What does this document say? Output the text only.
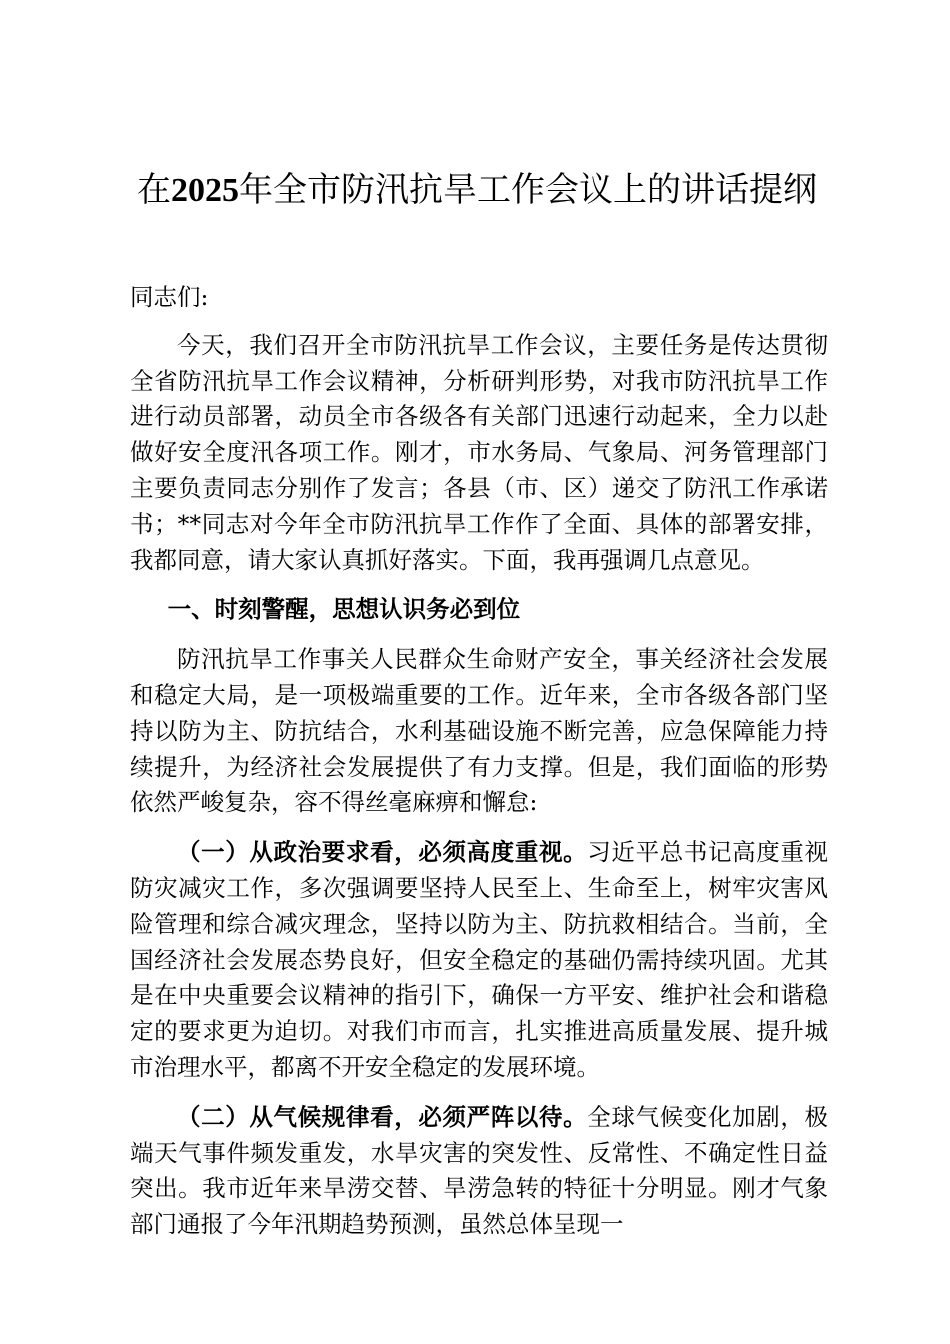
在2025年全市防汛抗旱工作会议上的讲话提纲

同志们:

今天，我们召开全市防汛抗旱工作会议，主要任务是传达贯彻全省防汛抗旱工作会议精神，分析研判形势，对我市防汛抗旱工作进行动员部署，动员全市各级各有关部门迅速行动起来，全力以赴做好安全度汛各项工作。刚才，市水务局、气象局、河务管理部门主要负责同志分别作了发言；各县（市、区）递交了防汛工作承诺书；**同志对今年全市防汛抗旱工作作了全面、具体的部署安排，我都同意，请大家认真抓好落实。下面，我再强调几点意见。

一、时刻警醒，思想认识务必到位

防汛抗旱工作事关人民群众生命财产安全，事关经济社会发展和稳定大局，是一项极端重要的工作。近年来，全市各级各部门坚持以防为主、防抗结合，水利基础设施不断完善，应急保障能力持续提升，为经济社会发展提供了有力支撑。但是，我们面临的形势依然严峻复杂，容不得丝毫麻痹和懈怠:

（一）从政治要求看，必须高度重视。习近平总书记高度重视防灾减灾工作，多次强调要坚持人民至上、生命至上，树牢灾害风险管理和综合减灾理念，坚持以防为主、防抗救相结合。当前，全国经济社会发展态势良好，但安全稳定的基础仍需持续巩固。尤其是在中央重要会议精神的指引下，确保一方平安、维护社会和谐稳定的要求更为迫切。对我们市而言，扎实推进高质量发展、提升城市治理水平，都离不开安全稳定的发展环境。

（二）从气候规律看，必须严阵以待。全球气候变化加剧，极端天气事件频发重发，水旱灾害的突发性、反常性、不确定性日益突出。我市近年来旱涝交替、旱涝急转的特征十分明显。刚才气象部门通报了今年汛期趋势预测，虽然总体呈现一
